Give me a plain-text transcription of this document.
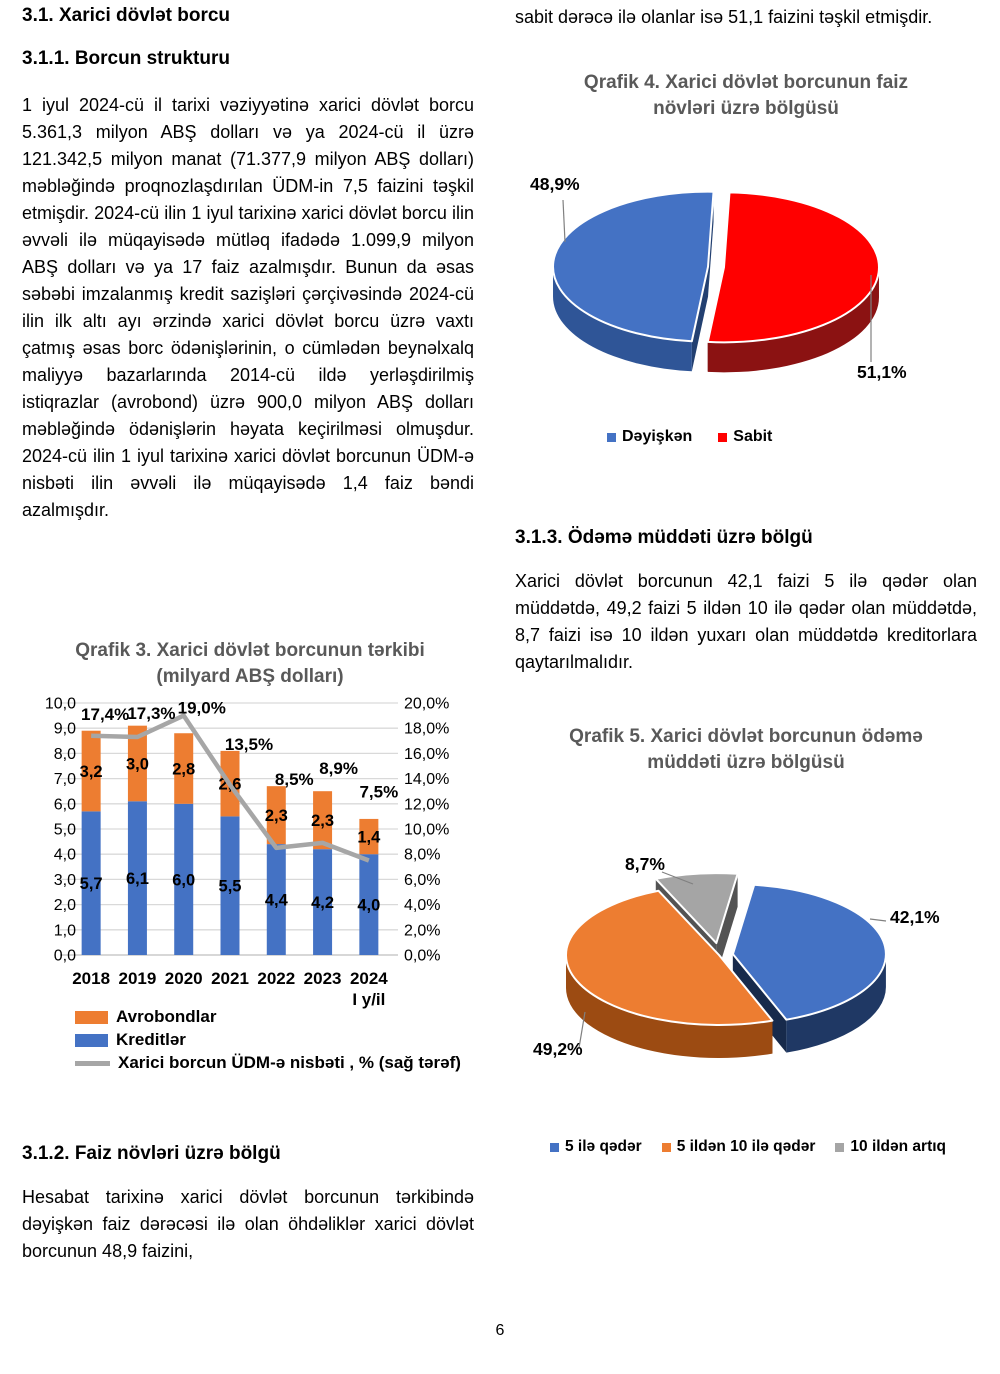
3.1. Xarici dövlət borcu
3.1.1. Borcun strukturu

1 iyul 2024-cü il tarixi vəziyyətinə xarici dövlət borcu 5.361,3 milyon ABŞ dolları və ya 2024-cü il üzrə 121.342,5 milyon manat (71.377,9 milyon ABŞ dolları) məbləğində proqnozlaşdırılan ÜDM-in 7,5 faizini təşkil etmişdir. 2024-cü ilin 1 iyul tarixinə xarici dövlət borcu ilin əvvəli ilə müqayisədə mütləq ifadədə 1.099,9 milyon ABŞ dolları və ya 17 faiz azalmışdır. Bunun da əsas səbəbi imzalanmış kredit sazişləri çərçivəsində 2024-cü ilin ilk altı ayı ərzində xarici dövlət borcu üzrə vaxtı çatmış əsas borc ödənişlərinin, o cümlədən beynəlxalq maliyyə bazarlarında 2014-cü ildə yerləşdirilmiş istiqrazlar (avrobond) üzrə 900,0 milyon ABŞ dolları məbləğində ödənişlərin həyata keçirilməsi olmuşdur. 2024-cü ilin 1 iyul tarixinə xarici dövlət borcunun ÜDM-ə nisbəti ilin əvvəli ilə müqayisədə 1,4 faiz bəndi azalmışdır.

Qrafik 3. Xarici dövlət borcunun tərkibi (milyard ABŞ dolları)
0,0	0,0%
1,0	2,0%
2,0	4,0%
3,0	6,0%
4,0	8,0%
5,0	10,0%
6,0	12,0%
7,0	14,0%
8,0	16,0%
9,0	18,0%
10,0	20,0%
5,7
3,2
6,1
3,0
6,0
2,8
5,5
2,6
4,4
2,3
4,2
2,3
4,0
1,4
17,4%
17,3% 19,0%
13,5%
8,5%
8,9%
7,5%
2018 2019 2020 2021 2022 2023 2024
I y/il
Avrobondlar
Kreditlər
Xarici borcun ÜDM-ə nisbəti , % (sağ tərəf)
3.1.2. Faiz növləri üzrə bölgü

Hesabat tarixinə xarici dövlət borcunun tərkibində dəyişkən faiz dərəcəsi ilə olan öhdəliklər xarici dövlət borcunun 48,9 faizini,

sabit dərəcə ilə olanlar isə 51,1 faizini təşkil etmişdir.

Qrafik 4. Xarici dövlət borcunun faiz növləri üzrə bölgüsü
48,9%
51,1%
Dəyişkən	Sabit
3.1.3. Ödəmə müddəti üzrə bölgü

Xarici dövlət borcunun 42,1 faizi 5 ilə qədər olan müddətdə, 49,2 faizi 5 ildən 10 ilə qədər olan müddətdə, 8,7 faizi isə 10 ildən yuxarı olan müddətdə kreditorlara qaytarılmalıdır.

Qrafik 5. Xarici dövlət borcunun ödəmə müddəti üzrə bölgüsü
42,1%
49,2%
8,7%
5 ilə qədər 5 ildən 10 ilə qədər 10 ildən artıq
6
